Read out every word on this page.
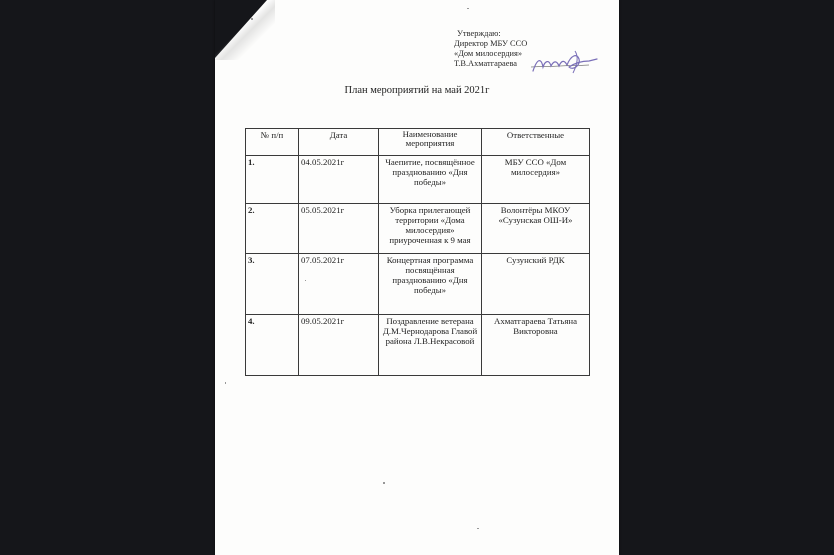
Утверждаю:
Директор МБУ ССО
«Дом милосердия»
Т.В.Ахматгараева
План мероприятий на май 2021г
№ п/п	Дата	Наименование мероприятия	Ответственные
1.	04.05.2021г	Чаепитие, посвящённое празднованию «Дня победы»	МБУ ССО «Дом милосердия»
2.	05.05.2021г	Уборка прилегающей территории «Дома милосердия» приуроченная к 9 мая	Волонтёры МКОУ «Сузунская ОШ-И»
3.	07.05.2021г	Концертная программа посвящённая празднованию «Дня победы»	Сузунский РДК
4.	09.05.2021г	Поздравление ветерана Д.М.Чернодарова Главой района Л.В.Некрасовой	Ахматгараева Татьяна Викторовна
